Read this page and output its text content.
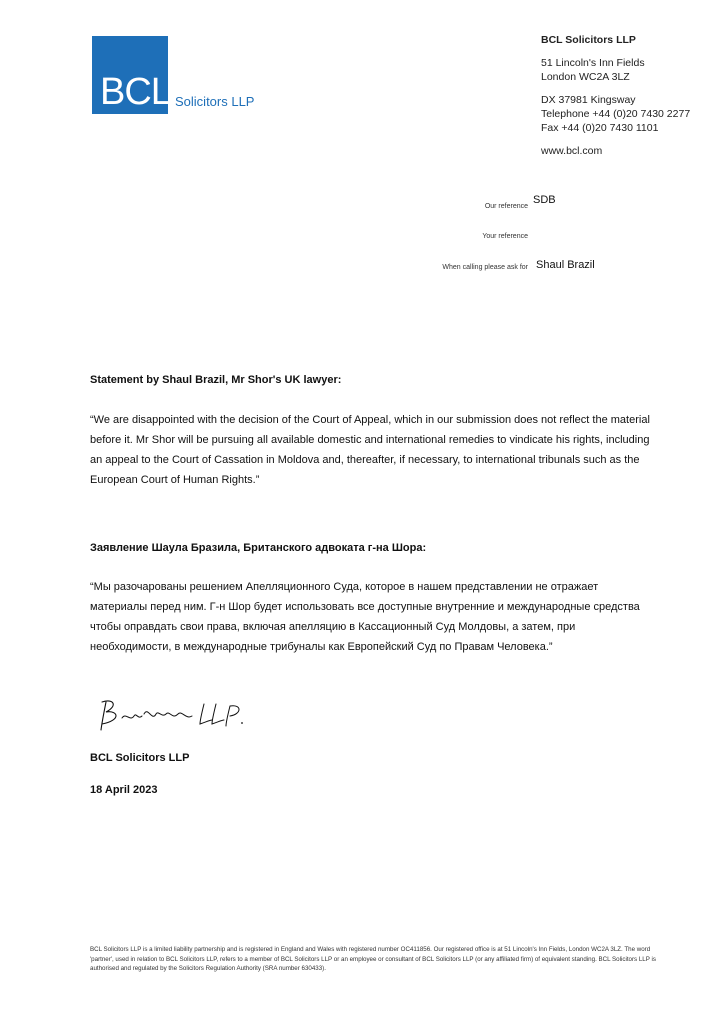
BCL Solicitors LLP
BCL Solicitors LLP
51 Lincoln's Inn Fields
London WC2A 3LZ
DX 37981 Kingsway
Telephone +44 (0)20 7430 2277
Fax +44 (0)20 7430 1101
www.bcl.com
Our reference
SDB
Your reference
When calling please ask for Shaul Brazil
Statement by Shaul Brazil, Mr Shor's UK lawyer:
“We are disappointed with the decision of the Court of Appeal, which in our submission does not reflect the material before it. Mr Shor will be pursuing all available domestic and international remedies to vindicate his rights, including an appeal to the Court of Cassation in Moldova and, thereafter, if necessary, to international tribunals such as the European Court of Human Rights.”
Заявление Шаула Бразила, Британского адвоката г-на Шора:
“Мы разочарованы решением Апелляционного Суда, которое в нашем представлении не отражает материалы перед ним. Г-н Шор будет использовать все доступные внутренние и международные средства чтобы оправдать свои права, включая апелляцию в Кассационный Суд Молдовы, а затем, при необходимости, в международные трибуналы как Европейский Суд по Правам Человека.”
BCL Solicitors LLP
18 April 2023
BCL Solicitors LLP is a limited liability partnership and is registered in England and Wales with registered number OC411856. Our registered office is at 51 Lincoln's Inn Fields, London WC2A 3LZ. The word 'partner', used in relation to BCL Solicitors LLP, refers to a member of BCL Solicitors LLP or an employee or consultant of BCL Solicitors LLP (or any affiliated firm) of equivalent standing. BCL Solicitors LLP is authorised and regulated by the Solicitors Regulation Authority (SRA number 630433).
